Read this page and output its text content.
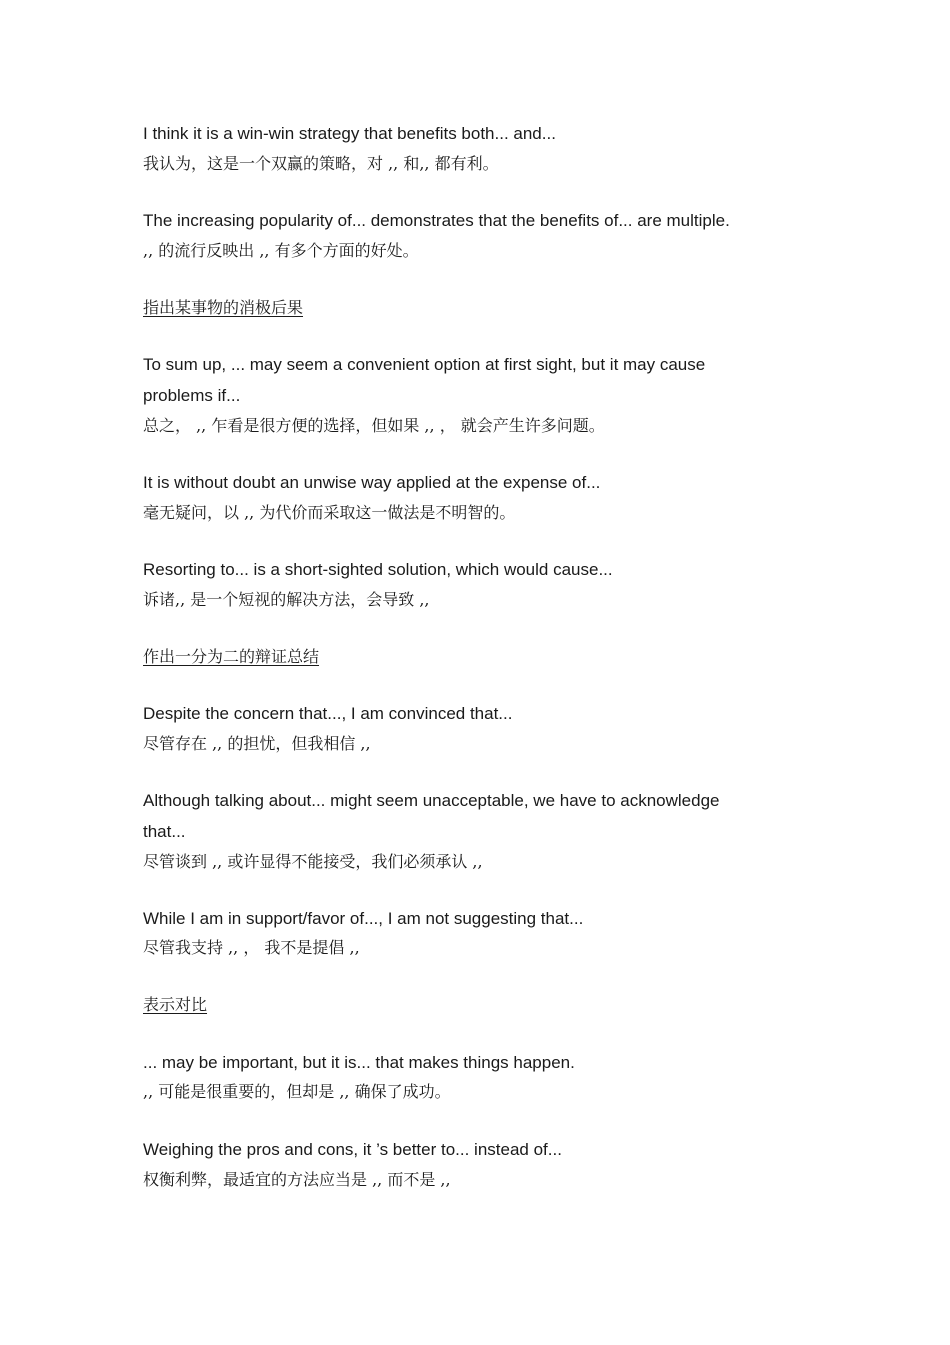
I think it is a win-win strategy that benefits both... and...
我认为，这是一个双赢的策略，对 ,, 和,, 都有利。
The increasing popularity of... demonstrates that the benefits of... are multiple.
,, 的流行反映出 ,, 有多个方面的好处。
指出某事物的消极后果
To sum up, ... may seem a convenient option at first sight, but it may cause
problems if...
总之， ,, 乍看是很方便的选择，但如果 ,, ， 就会产生许多问题。
It is without doubt an unwise way applied at the expense of...
毫无疑问，以 ,, 为代价而采取这一做法是不明智的。
Resorting to... is a short-sighted solution, which would cause...
诉诸,, 是一个短视的解决方法，会导致 ,,
作出一分为二的辩证总结
Despite the concern that..., I am convinced that...
尽管存在 ,, 的担忧，但我相信 ,,
Although talking about... might seem unacceptable, we have to acknowledge
that...
尽管谈到 ,, 或许显得不能接受，我们必须承认 ,,
While I am in support/favor of..., I am not suggesting that...
尽管我支持 ,, ， 我不是提倡 ,,
表示对比
... may be important, but it is... that makes things happen.
,, 可能是很重要的，但却是 ,, 确保了成功。
Weighing the pros and cons, it ’s better to... instead of...
权衡利弊，最适宜的方法应当是 ,, 而不是 ,,
